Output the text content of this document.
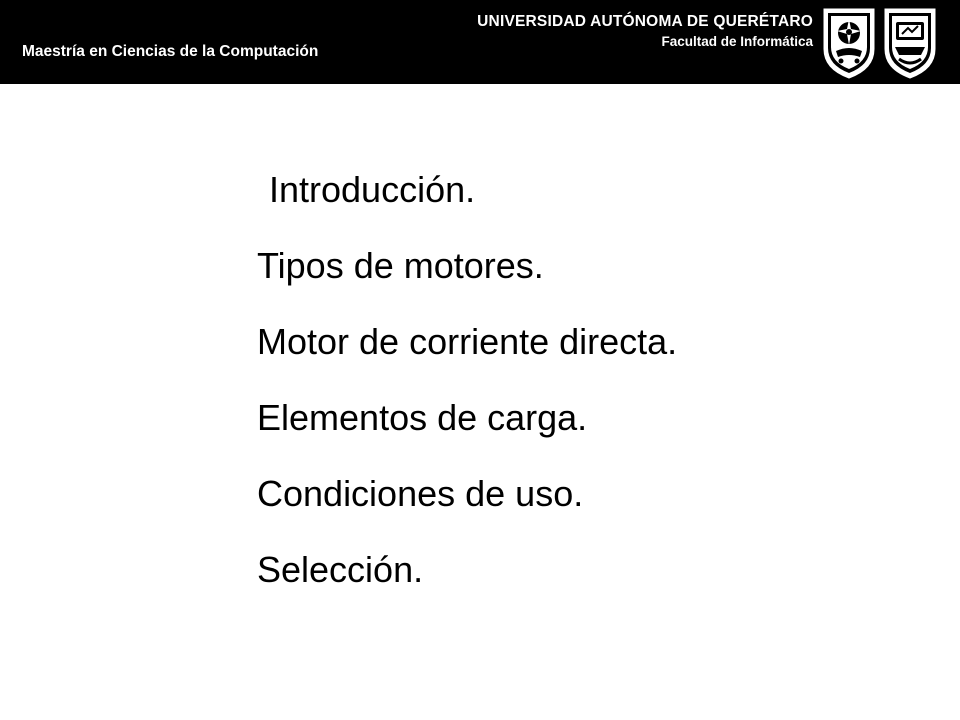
Maestría en Ciencias de la Computación
UNIVERSIDAD AUTÓNOMA DE QUERÉTARO
Facultad de Informática
Introducción.
Tipos de motores.
Motor de corriente directa.
Elementos de carga.
Condiciones de uso.
Selección.
